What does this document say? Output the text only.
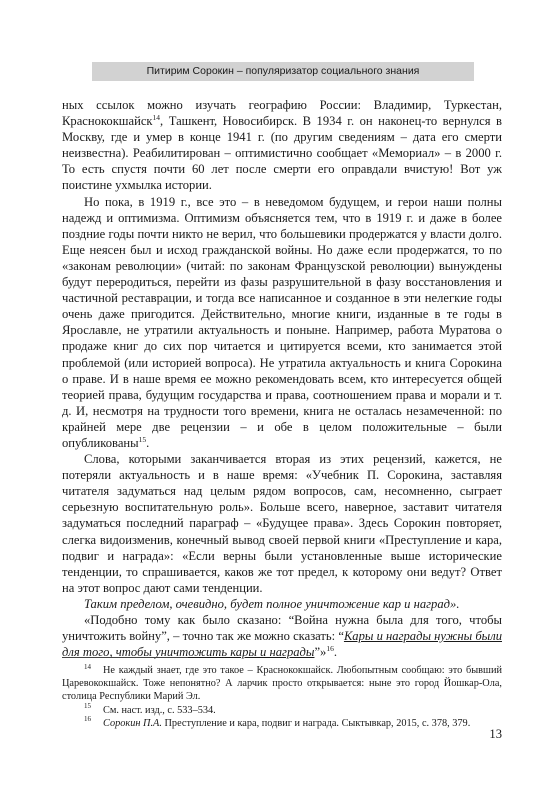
Питирим Сорокин – популяризатор социального знания

ных ссылок можно изучать географию России: Владимир, Туркестан, Краснококшайск$^{14}$, Ташкент, Новосибирск. В 1934 г. он наконец-то вернулся в Москву, где и умер в конце 1941 г. (по другим сведениям – дата его смерти неизвестна). Реабилитирован – оптимистично сообщает «Мемориал» – в 2000 г. То есть спустя почти 60 лет после смерти его оправдали вчистую! Вот уж поистине ухмылка истории.

Но пока, в 1919 г., все это – в неведомом будущем, и герои наши полны надежд и оптимизма. Оптимизм объясняется тем, что в 1919 г. и даже в более поздние годы почти никто не верил, что большевики продержатся у власти долго. Еще неясен был и исход гражданской войны. Но даже если продержатся, то по «законам революции» (читай: по законам Французской революции) вынуждены будут переродиться, перейти из фазы разрушительной в фазу восстановления и частичной реставрации, и тогда все написанное и созданное в эти нелегкие годы очень даже пригодится. Действительно, многие книги, изданные в те годы в Ярославле, не утратили актуальность и поныне. Например, работа Муратова о продаже книг до сих пор читается и цитируется всеми, кто занимается этой проблемой (или историей вопроса). Не утратила актуальность и книга Сорокина о праве. И в наше время ее можно рекомендовать всем, кто интересуется общей теорией права, будущим государства и права, соотношением права и морали и т. д. И, несмотря на трудности того времени, книга не осталась незамеченной: по крайней мере две рецензии – и обе в целом положительные – были опубликованы$^{15}$.

Слова, которыми заканчивается вторая из этих рецензий, кажется, не потеряли актуальность и в наше время: «Учебник П. Сорокина, заставляя читателя задуматься над целым рядом вопросов, сам, несомненно, сыграет серьезную воспитательную роль». Больше всего, наверное, заставит читателя задуматься последний параграф – «Будущее права». Здесь Сорокин повторяет, слегка видоизменив, конечный вывод своей первой книги «Преступление и кара, подвиг и награда»: «Если верны были установленные выше исторические тенденции, то спрашивается, каков же тот предел, к которому они ведут? Ответ на этот вопрос дают сами тенденции.

Таким пределом, очевидно, будет полное уничтожение кар и наград».

«Подобно тому как было сказано: “Война нужна была для того, чтобы уничтожить войну”, – точно так же можно сказать: “Кары и награды нужны были для того, чтобы уничтожить кары и награды”»$^{16}$.

$^{14}$ Не каждый знает, где это такое – Краснококшайск. Любопытным сообщаю: это бывший Царевококшайск. Тоже непонятно? А ларчик просто открывается: ныне это город Йошкар-Ола, столица Республики Марий Эл.

$^{15}$ См. наст. изд., с. 533–534.

$^{16}$ Сорокин П.А. Преступление и кара, подвиг и награда. Сыктывкар, 2015, с. 378, 379.

13
